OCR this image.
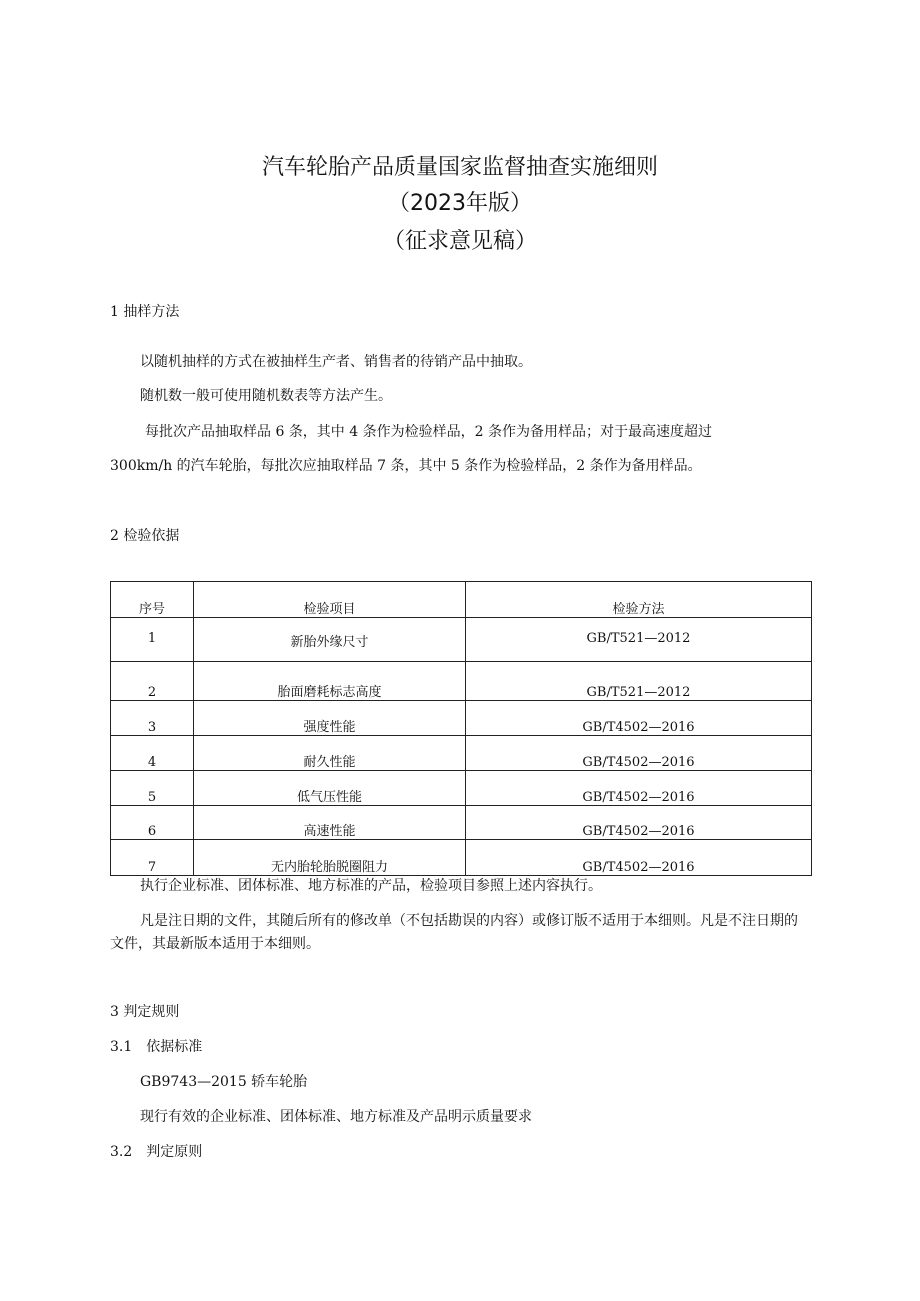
汽车轮胎产品质量国家监督抽查实施细则
（2023年版）
（征求意见稿）
1 抽样方法
以随机抽样的方式在被抽样生产者、销售者的待销产品中抽取。
随机数一般可使用随机数表等方法产生。
每批次产品抽取样品 6 条，其中 4 条作为检验样品，2 条作为备用样品；对于最高速度超过
300km/h 的汽车轮胎，每批次应抽取样品 7 条，其中 5 条作为检验样品，2 条作为备用样品。
2 检验依据
序号	检验项目	检验方法
1	新胎外缘尺寸	GB/T521—2012
2	胎面磨耗标志高度	GB/T521—2012
3	强度性能	GB/T4502—2016
4	耐久性能	GB/T4502—2016
5	低气压性能	GB/T4502—2016
6	高速性能	GB/T4502—2016
7	无内胎轮胎脱圈阻力	GB/T4502—2016
执行企业标准、团体标准、地方标准的产品，检验项目参照上述内容执行。
凡是注日期的文件，其随后所有的修改单（不包括勘误的内容）或修订版不适用于本细则。凡是不注日期的文件，其最新版本适用于本细则。
3 判定规则
3.1　依据标准
GB9743—2015 轿车轮胎
现行有效的企业标准、团体标准、地方标准及产品明示质量要求
3.2　判定原则
